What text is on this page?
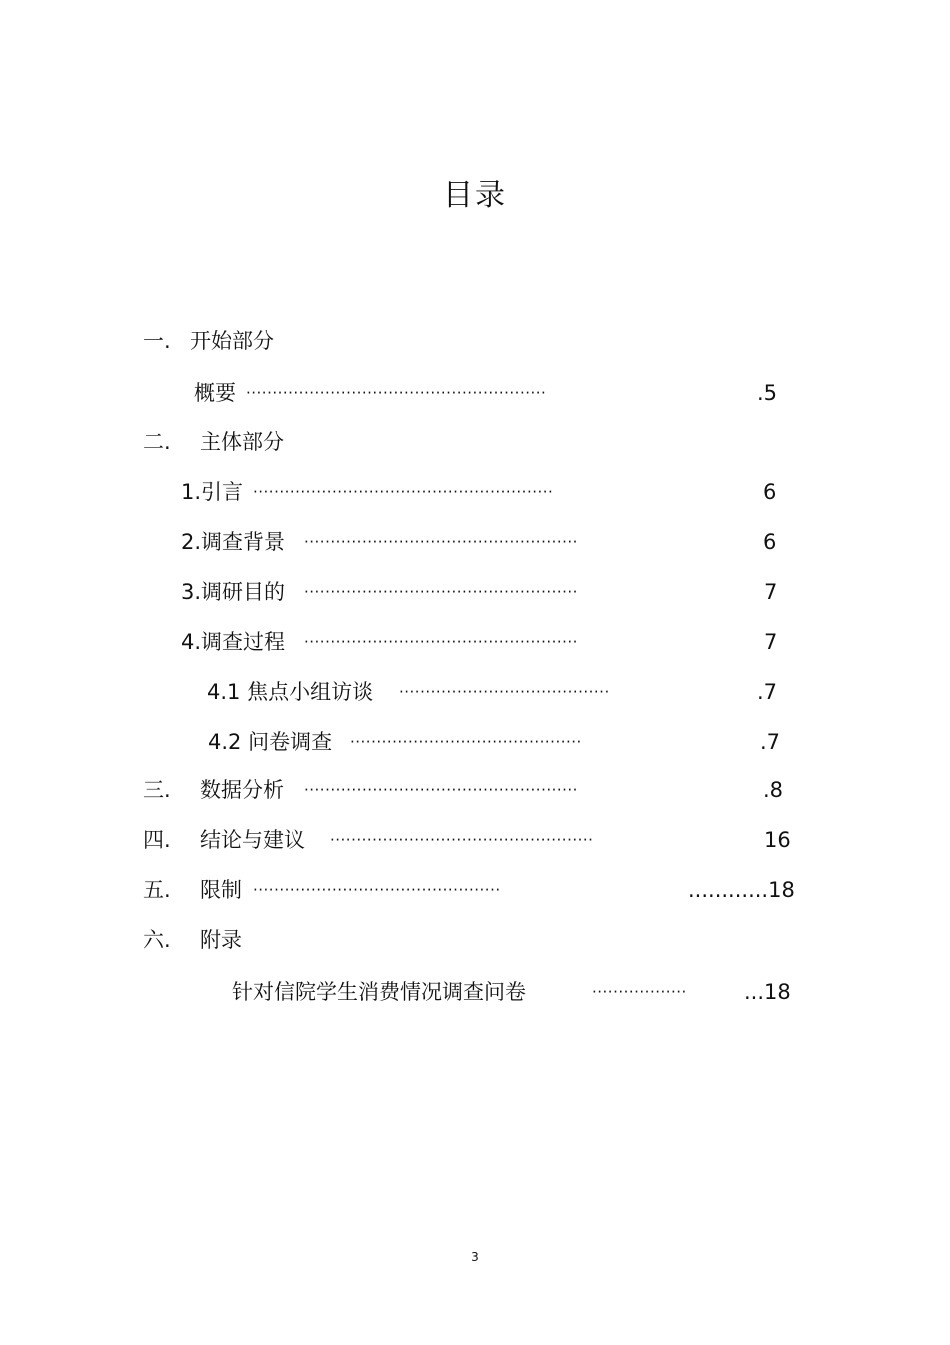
目录
一. 开始部分
概要 ·························································	.5
二. 主体部分
1.引言 ·························································	6
2.调查背景 ····················································	6
3.调研目的 ····················································	7
4.调查过程 ····················································	7
4.1 焦点小组访谈 ········································	.7
4.2 问卷调查 ············································	.7
三. 数据分析 ····················································	.8
四. 结论与建议 ··················································	16
五. 限制 ···············································	............18
六. 附录
针对信院学生消费情况调查问卷	··················	...18
3
